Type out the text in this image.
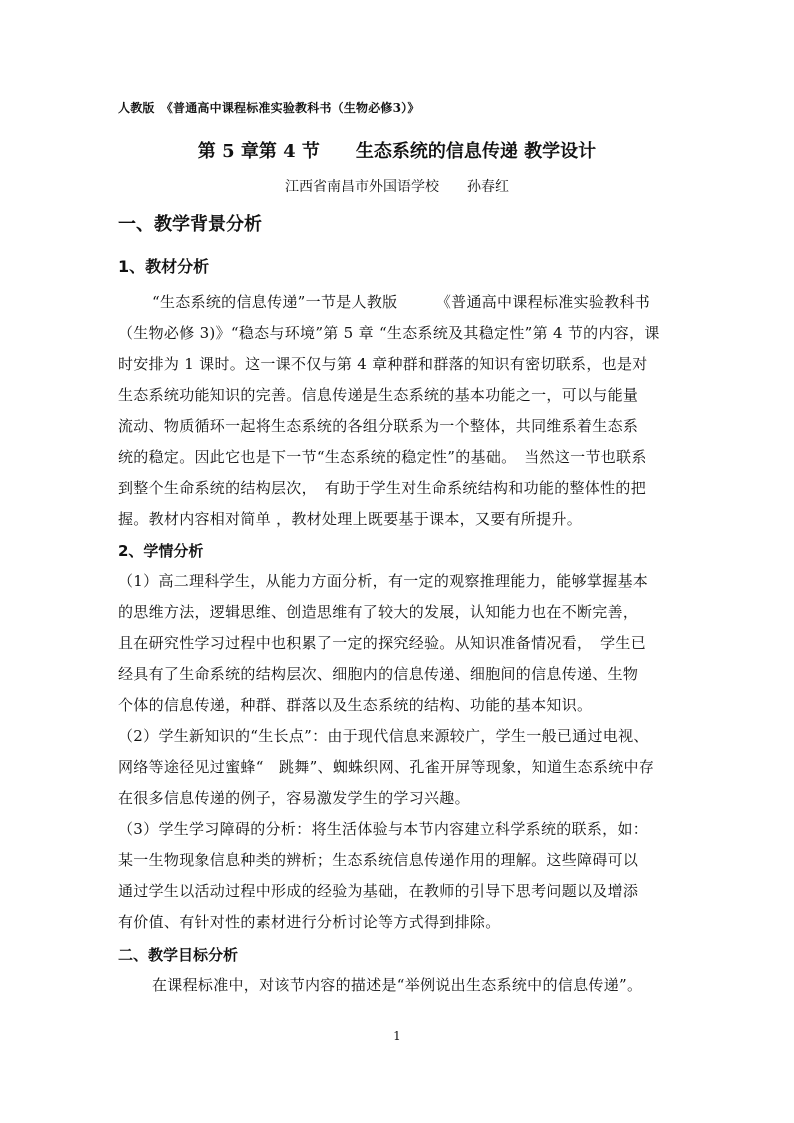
人教版　 《普通高中课程标准实验教科书（生物必修3）》
第 5 章第 4 节　　生态系统的信息传递 教学设计
江西省南昌市外国语学校　　孙春红
一、教学背景分析
1、教材分析
“生态系统的信息传递”一节是人教版　　　《普通高中课程标准实验教科书
（生物必修 3)》“稳态与环境”第 5 章 “生态系统及其稳定性”第 4 节的内容，课
时安排为 1 课时。这一课不仅与第 4 章种群和群落的知识有密切联系，也是对
生态系统功能知识的完善。信息传递是生态系统的基本功能之一，可以与能量
流动、物质循环一起将生态系统的各组分联系为一个整体，共同维系着生态系
统的稳定。因此它也是下一节“生态系统的稳定性”的基础。　当然这一节也联系
到整个生命系统的结构层次，　有助于学生对生命系统结构和功能的整体性的把
握。教材内容相对简单 ，教材处理上既要基于课本，又要有所提升。
2、学情分析
（1）高二理科学生，从能力方面分析，有一定的观察推理能力，能够掌握基本
的思维方法，逻辑思维、创造思维有了较大的发展，认知能力也在不断完善，
且在研究性学习过程中也积累了一定的探究经验。从知识准备情况看，　学生已
经具有了生命系统的结构层次、细胞内的信息传递、细胞间的信息传递、生物
个体的信息传递，种群、群落以及生态系统的结构、功能的基本知识。
（2）学生新知识的“生长点”：由于现代信息来源较广，学生一般已通过电视、
网络等途径见过蜜蜂“　跳舞”、蜘蛛织网、孔雀开屏等现象，知道生态系统中存
在很多信息传递的例子，容易激发学生的学习兴趣。
（3）学生学习障碍的分析：将生活体验与本节内容建立科学系统的联系，如：
某一生物现象信息种类的辨析；生态系统信息传递作用的理解。这些障碍可以
通过学生以活动过程中形成的经验为基础，在教师的引导下思考问题以及增添
有价值、有针对性的素材进行分析讨论等方式得到排除。
二、教学目标分析
在课程标准中，对该节内容的描述是“举例说出生态系统中的信息传递”。
1
